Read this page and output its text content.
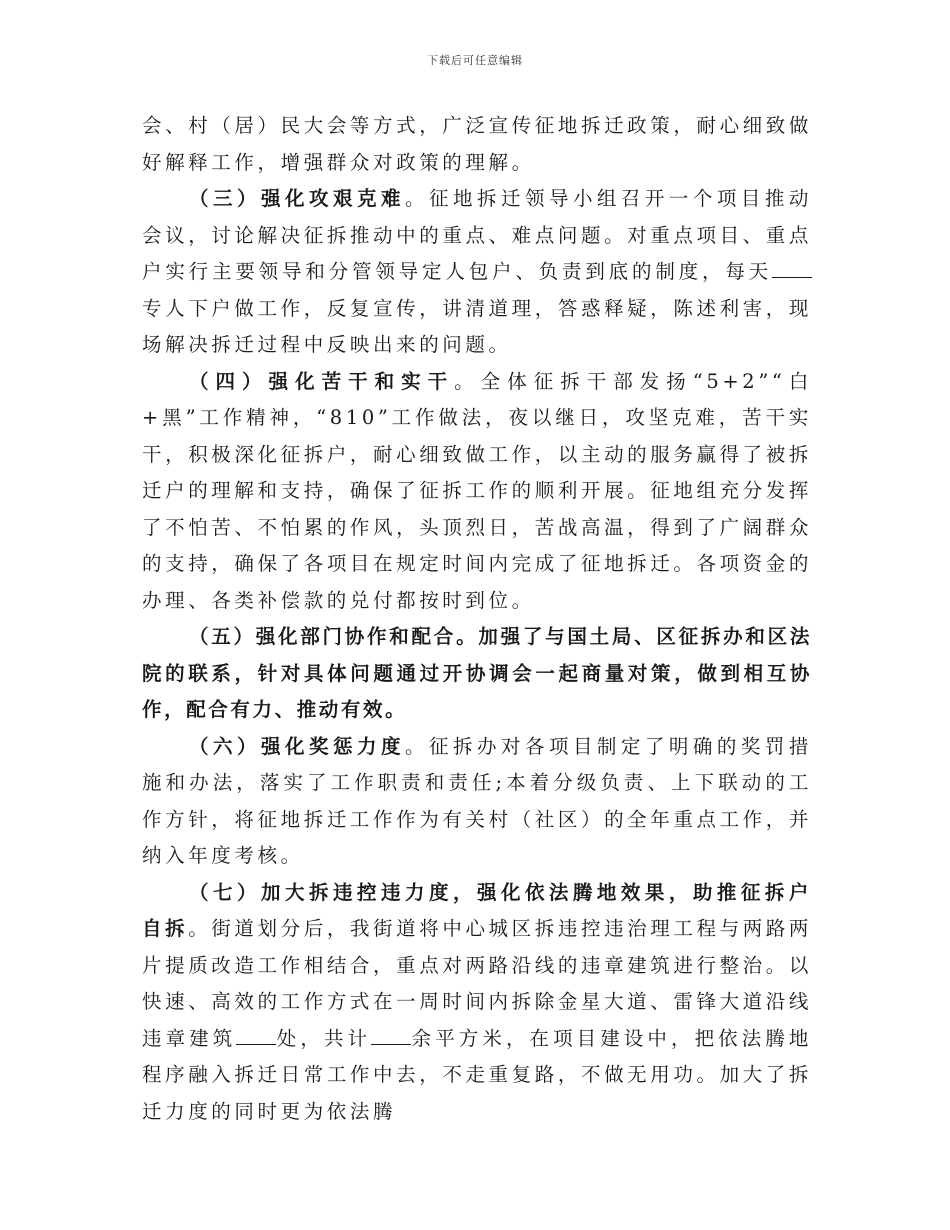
下载后可任意编辑

会、村（居）民大会等方式，广泛宣传征地拆迁政策，耐心细致做好解释工作，增强群众对政策的理解。

（三）强化攻艰克难。征地拆迁领导小组召开一个项目推动会议，讨论解决征拆推动中的重点、难点问题。对重点项目、重点户实行主要领导和分管领导定人包户、负责到底的制度，每天专人下户做工作，反复宣传，讲清道理，答惑释疑，陈述利害，现场解决拆迁过程中反映出来的问题。

（四）强化苦干和实干。全体征拆干部发扬“5+2”“白+黑”工作精神，“810”工作做法，夜以继日，攻坚克难，苦干实干，积极深化征拆户，耐心细致做工作，以主动的服务赢得了被拆迁户的理解和支持，确保了征拆工作的顺利开展。征地组充分发挥了不怕苦、不怕累的作风，头顶烈日，苦战高温，得到了广阔群众的支持，确保了各项目在规定时间内完成了征地拆迁。各项资金的办理、各类补偿款的兑付都按时到位。

（五）强化部门协作和配合。加强了与国土局、区征拆办和区法院的联系，针对具体问题通过开协调会一起商量对策，做到相互协作，配合有力、推动有效。

（六）强化奖惩力度。征拆办对各项目制定了明确的奖罚措施和办法，落实了工作职责和责任;本着分级负责、上下联动的工作方针，将征地拆迁工作作为有关村（社区）的全年重点工作，并纳入年度考核。

（七）加大拆违控违力度，强化依法腾地效果，助推征拆户自拆。街道划分后，我街道将中心城区拆违控违治理工程与两路两片提质改造工作相结合，重点对两路沿线的违章建筑进行整治。以快速、高效的工作方式在一周时间内拆除金星大道、雷锋大道沿线违章建筑 处，共计 余平方米，在项目建设中，把依法腾地程序融入拆迁日常工作中去，不走重复路，不做无用功。加大了拆迁力度的同时更为依法腾
